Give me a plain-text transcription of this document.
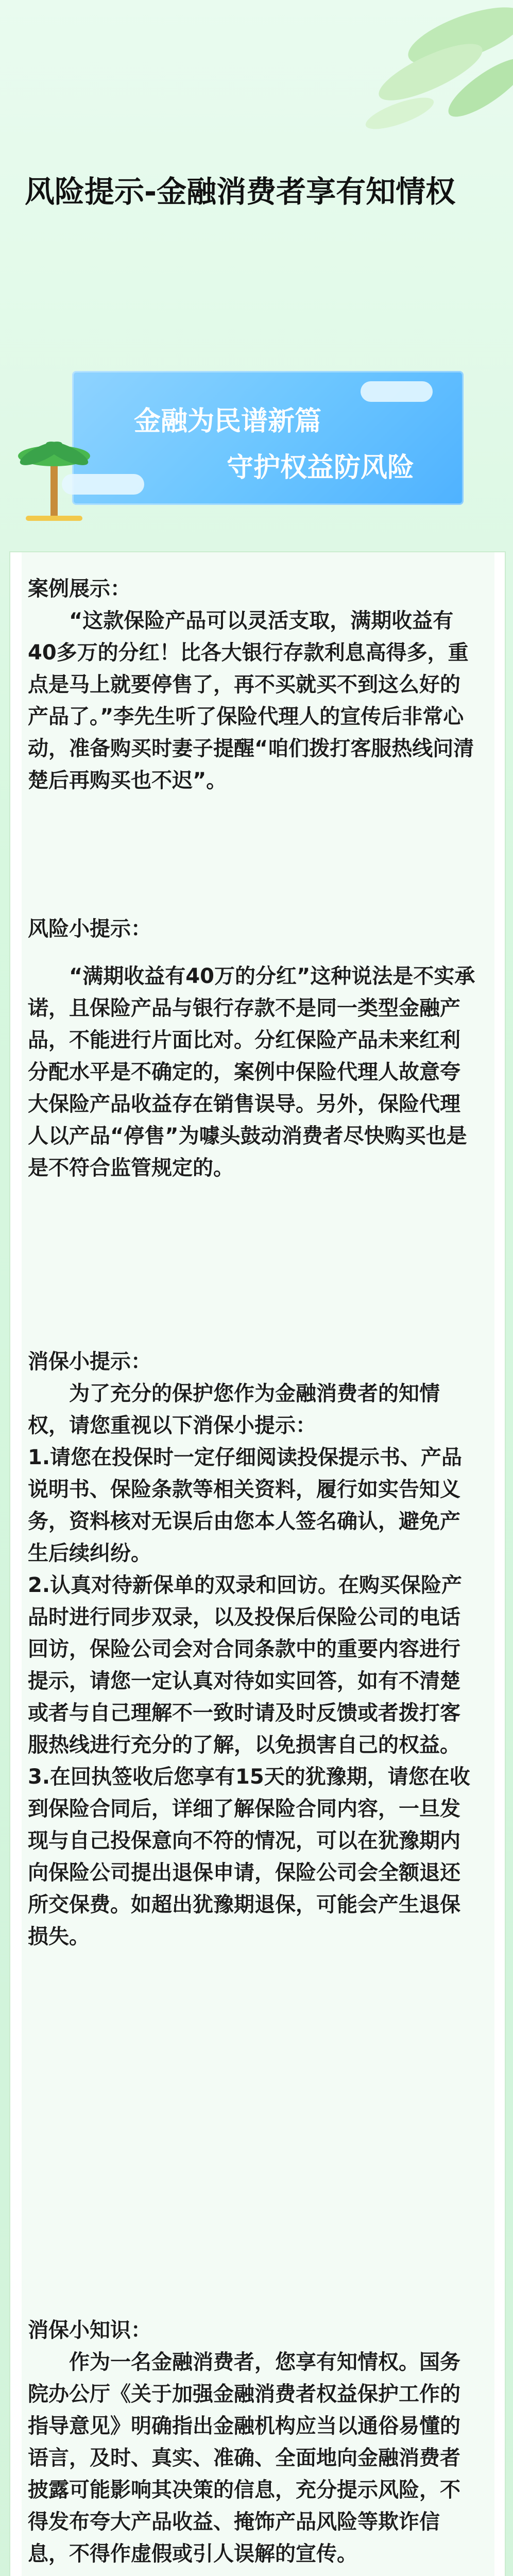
风险提示-金融消费者享有知情权
金融为民谱新篇
守护权益防风险

案例展示：

“这款保险产品可以灵活支取，满期收益有40多万的分红！比各大银行存款利息高得多，重点是马上就要停售了，再不买就买不到这么好的产品了。”李先生听了保险代理人的宣传后非常心动，准备购买时妻子提醒“咱们拨打客服热线问清楚后再购买也不迟”。

风险小提示：

“满期收益有40万的分红”这种说法是不实承诺，且保险产品与银行存款不是同一类型金融产品，不能进行片面比对。分红保险产品未来红利分配水平是不确定的，案例中保险代理人故意夸大保险产品收益存在销售误导。另外，保险代理人以产品“停售”为噱头鼓动消费者尽快购买也是是不符合监管规定的。

消保小提示：

为了充分的保护您作为金融消费者的知情权，请您重视以下消保小提示：

1.请您在投保时一定仔细阅读投保提示书、产品说明书、保险条款等相关资料，履行如实告知义务，资料核对无误后由您本人签名确认，避免产生后续纠纷。

2.认真对待新保单的双录和回访。在购买保险产品时进行同步双录，以及投保后保险公司的电话回访，保险公司会对合同条款中的重要内容进行提示，请您一定认真对待如实回答，如有不清楚或者与自己理解不一致时请及时反馈或者拨打客服热线进行充分的了解，以免损害自己的权益。

3.在回执签收后您享有15天的犹豫期，请您在收到保险合同后，详细了解保险合同内容，一旦发现与自己投保意向不符的情况，可以在犹豫期内向保险公司提出退保申请，保险公司会全额退还所交保费。如超出犹豫期退保，可能会产生退保损失。

消保小知识：

作为一名金融消费者，您享有知情权。国务院办公厅《关于加强金融消费者权益保护工作的指导意见》明确指出金融机构应当以通俗易懂的语言，及时、真实、准确、全面地向金融消费者披露可能影响其决策的信息，充分提示风险，不得发布夸大产品收益、掩饰产品风险等欺诈信息，不得作虚假或引人误解的宣传。
